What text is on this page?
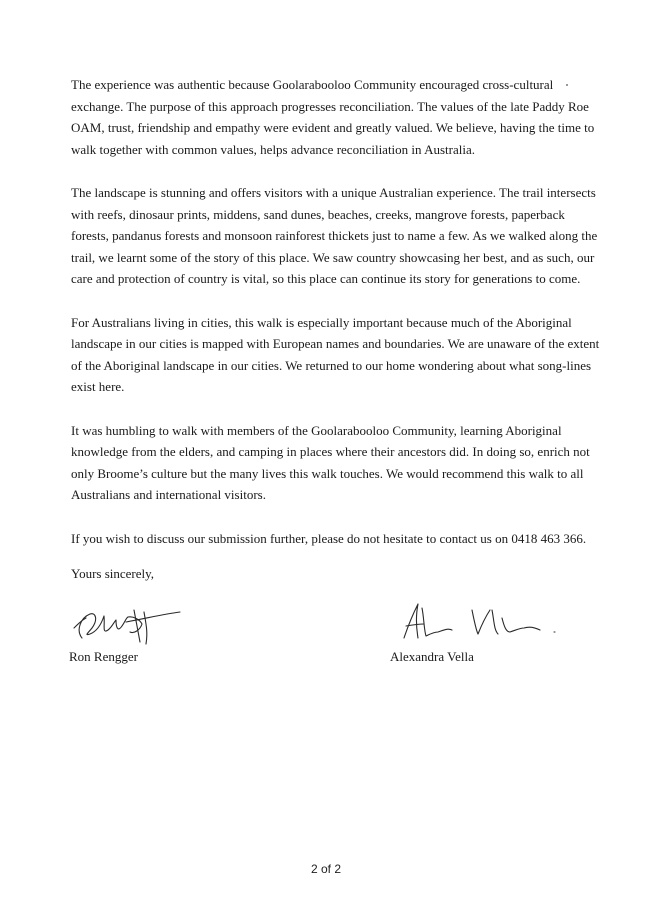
The experience was authentic because Goolarabooloo Community encouraged cross-cultural
exchange. The purpose of this approach progresses reconciliation. The values of the late Paddy Roe
OAM, trust, friendship and empathy were evident and greatly valued. We believe, having the time to
walk together with common values, helps advance reconciliation in Australia.

The landscape is stunning and offers visitors with a unique Australian experience. The trail intersects
with reefs, dinosaur prints, middens, sand dunes, beaches, creeks, mangrove forests, paperback
forests, pandanus forests and monsoon rainforest thickets just to name a few. As we walked along the
trail, we learnt some of the story of this place. We saw country showcasing her best, and as such, our
care and protection of country is vital, so this place can continue its story for generations to come.

For Australians living in cities, this walk is especially important because much of the Aboriginal
landscape in our cities is mapped with European names and boundaries. We are unaware of the extent
of the Aboriginal landscape in our cities. We returned to our home wondering about what song-lines
exist here.

It was humbling to walk with members of the Goolarabooloo Community, learning Aboriginal
knowledge from the elders, and camping in places where their ancestors did. In doing so, enrich not
only Broome’s culture but the many lives this walk touches. We would recommend this walk to all
Australians and international visitors.

If you wish to discuss our submission further, please do not hesitate to contact us on 0418 463 366.

Yours sincerely,
Ron Rengger	Alexandra Vella
2 of 2
